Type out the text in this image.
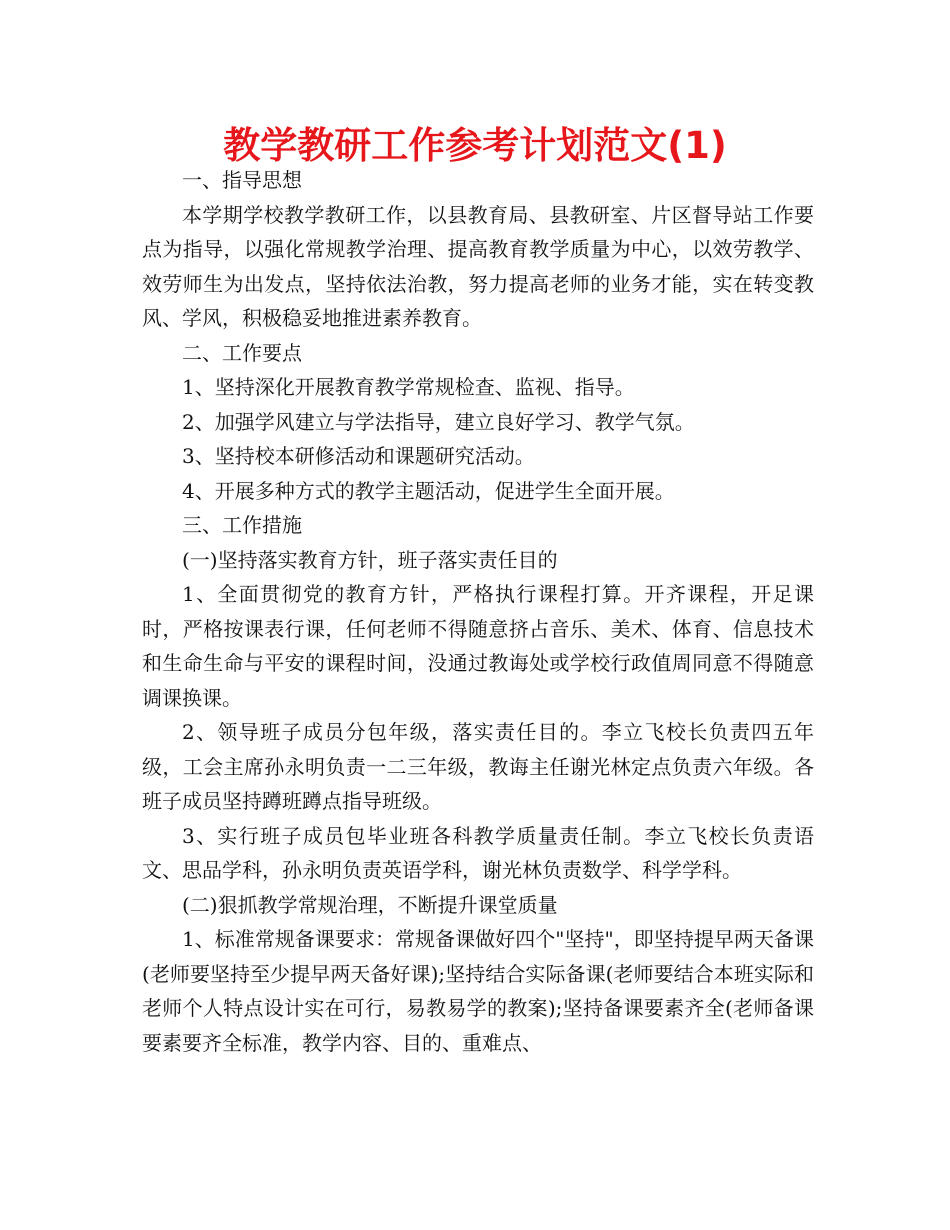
教学教研工作参考计划范文(1)

一、指导思想

本学期学校教学教研工作，以县教育局、县教研室、片区督导站工作要点为指导，以强化常规教学治理、提高教育教学质量为中心，以效劳教学、效劳师生为出发点，坚持依法治教，努力提高老师的业务才能，实在转变教风、学风，积极稳妥地推进素养教育。

二、工作要点

1、坚持深化开展教育教学常规检查、监视、指导。

2、加强学风建立与学法指导，建立良好学习、教学气氛。

3、坚持校本研修活动和课题研究活动。

4、开展多种方式的教学主题活动，促进学生全面开展。

三、工作措施

(一)坚持落实教育方针，班子落实责任目的

1、全面贯彻党的教育方针，严格执行课程打算。开齐课程，开足课时，严格按课表行课，任何老师不得随意挤占音乐、美术、体育、信息技术和生命生命与平安的课程时间，没通过教诲处或学校行政值周同意不得随意调课换课。

2、领导班子成员分包年级，落实责任目的。李立飞校长负责四五年级，工会主席孙永明负责一二三年级，教诲主任谢光林定点负责六年级。各班子成员坚持蹲班蹲点指导班级。

3、实行班子成员包毕业班各科教学质量责任制。李立飞校长负责语文、思品学科，孙永明负责英语学科，谢光林负责数学、科学学科。

(二)狠抓教学常规治理，不断提升课堂质量

1、标准常规备课要求：常规备课做好四个"坚持"，即坚持提早两天备课(老师要坚持至少提早两天备好课);坚持结合实际备课(老师要结合本班实际和老师个人特点设计实在可行，易教易学的教案);坚持备课要素齐全(老师备课要素要齐全标准，教学内容、目的、重难点、
